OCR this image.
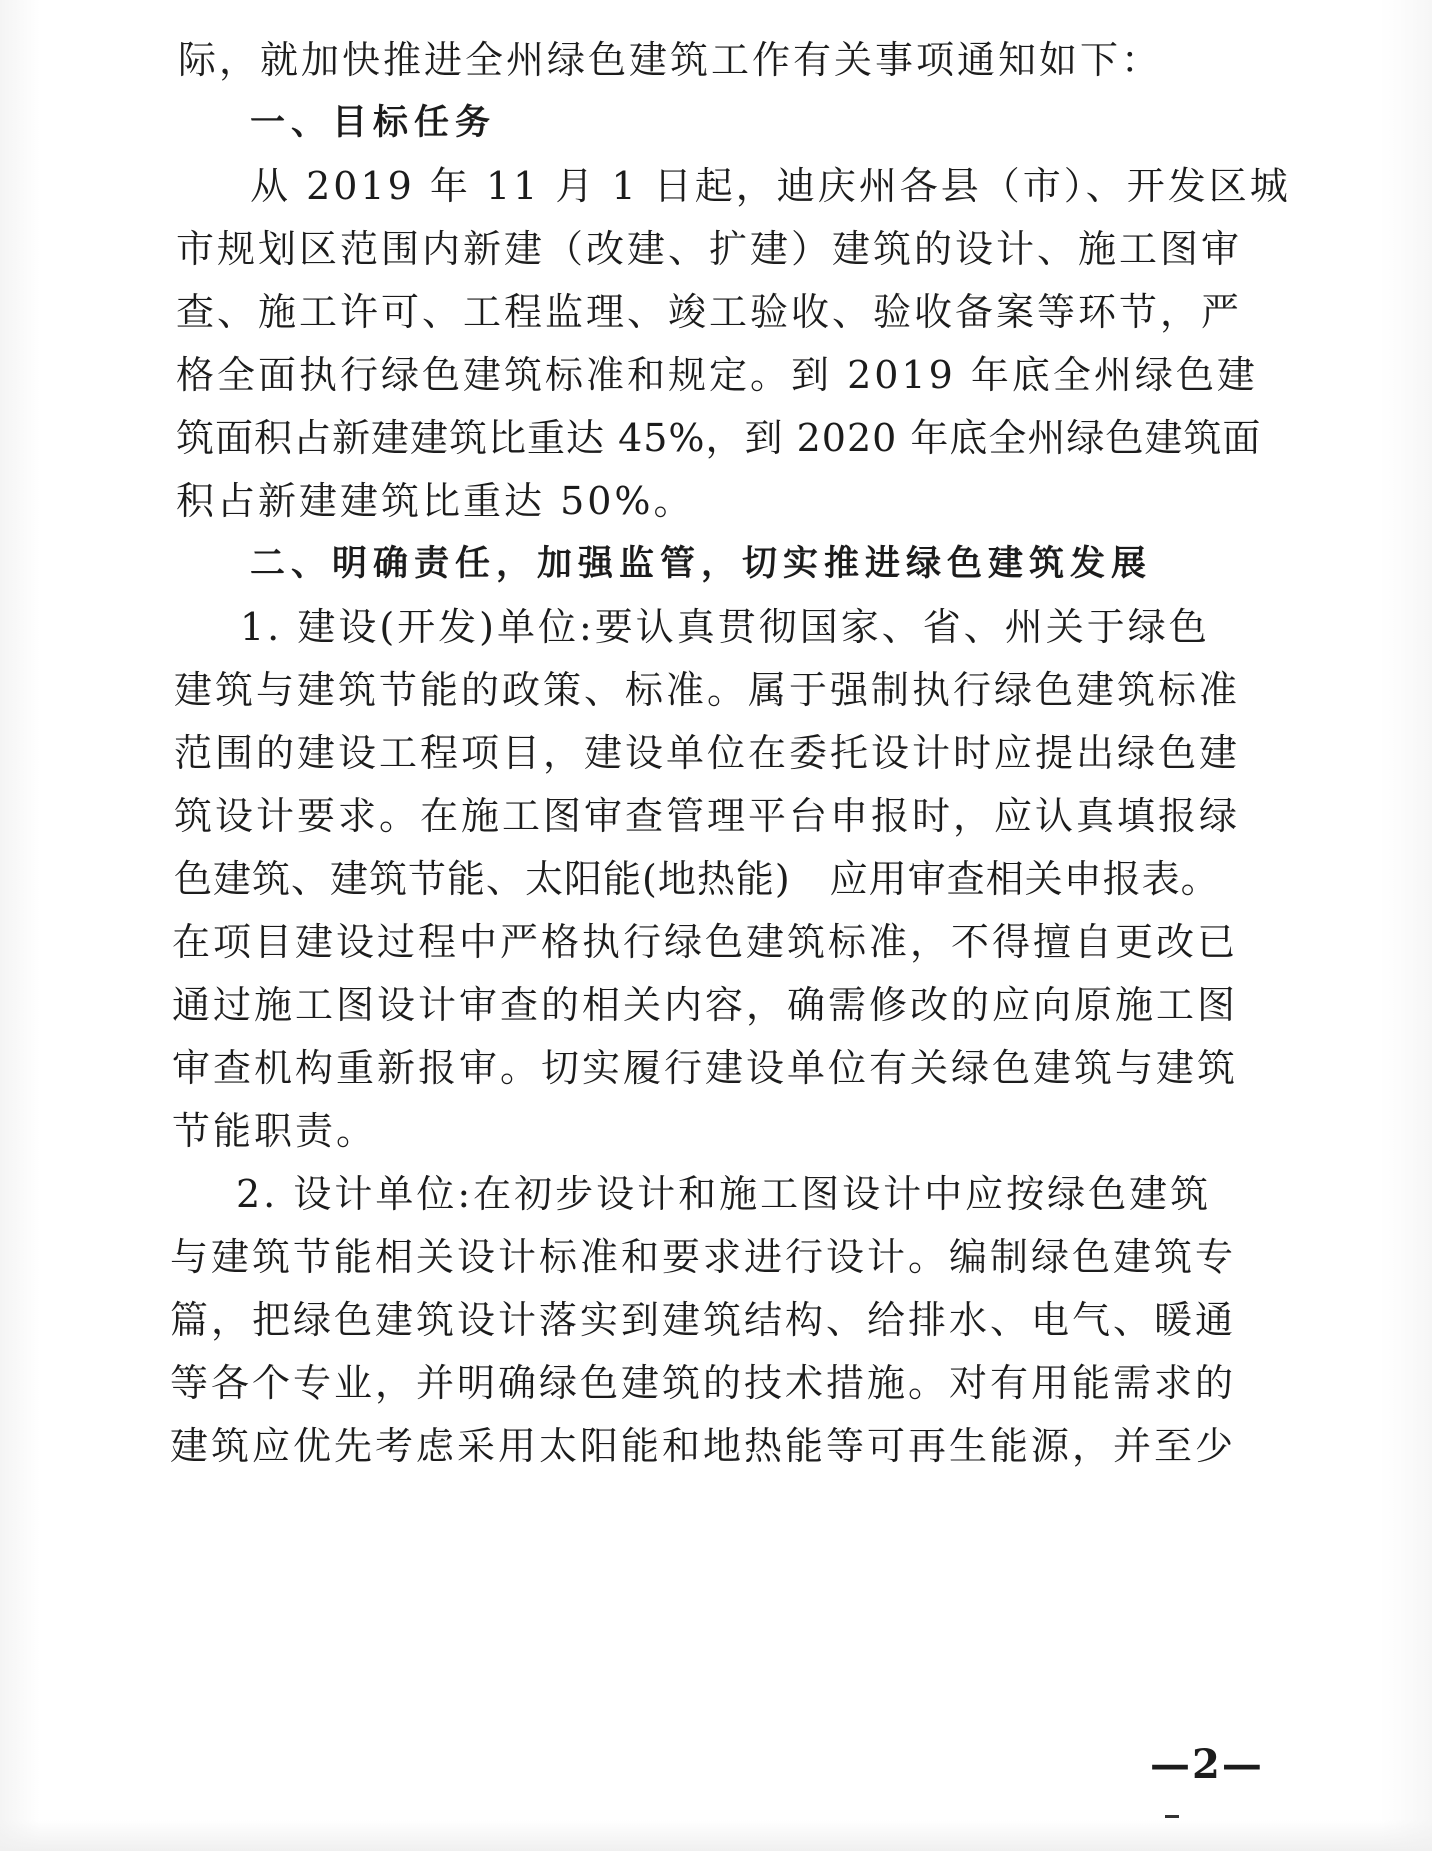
际，就加快推进全州绿色建筑工作有关事项通知如下：
一、目标任务
从 2019 年 11 月 1 日起，迪庆州各县（市）、开发区城
市规划区范围内新建（改建、扩建）建筑的设计、施工图审
查、施工许可、工程监理、竣工验收、验收备案等环节，严
格全面执行绿色建筑标准和规定。到 2019 年底全州绿色建
筑面积占新建建筑比重达 45%，到 2020 年底全州绿色建筑面
积占新建建筑比重达 50%。
二、明确责任，加强监管，切实推进绿色建筑发展
1. 建设(开发)单位:要认真贯彻国家、省、州关于绿色
建筑与建筑节能的政策、标准。属于强制执行绿色建筑标准
范围的建设工程项目，建设单位在委托设计时应提出绿色建
筑设计要求。在施工图审查管理平台申报时，应认真填报绿
色建筑、建筑节能、太阳能(地热能)　应用审查相关申报表。
在项目建设过程中严格执行绿色建筑标准，不得擅自更改已
通过施工图设计审查的相关内容，确需修改的应向原施工图
审查机构重新报审。切实履行建设单位有关绿色建筑与建筑
节能职责。
2. 设计单位:在初步设计和施工图设计中应按绿色建筑
与建筑节能相关设计标准和要求进行设计。编制绿色建筑专
篇，把绿色建筑设计落实到建筑结构、给排水、电气、暖通
等各个专业，并明确绿色建筑的技术措施。对有用能需求的
建筑应优先考虑采用太阳能和地热能等可再生能源，并至少
—2—
